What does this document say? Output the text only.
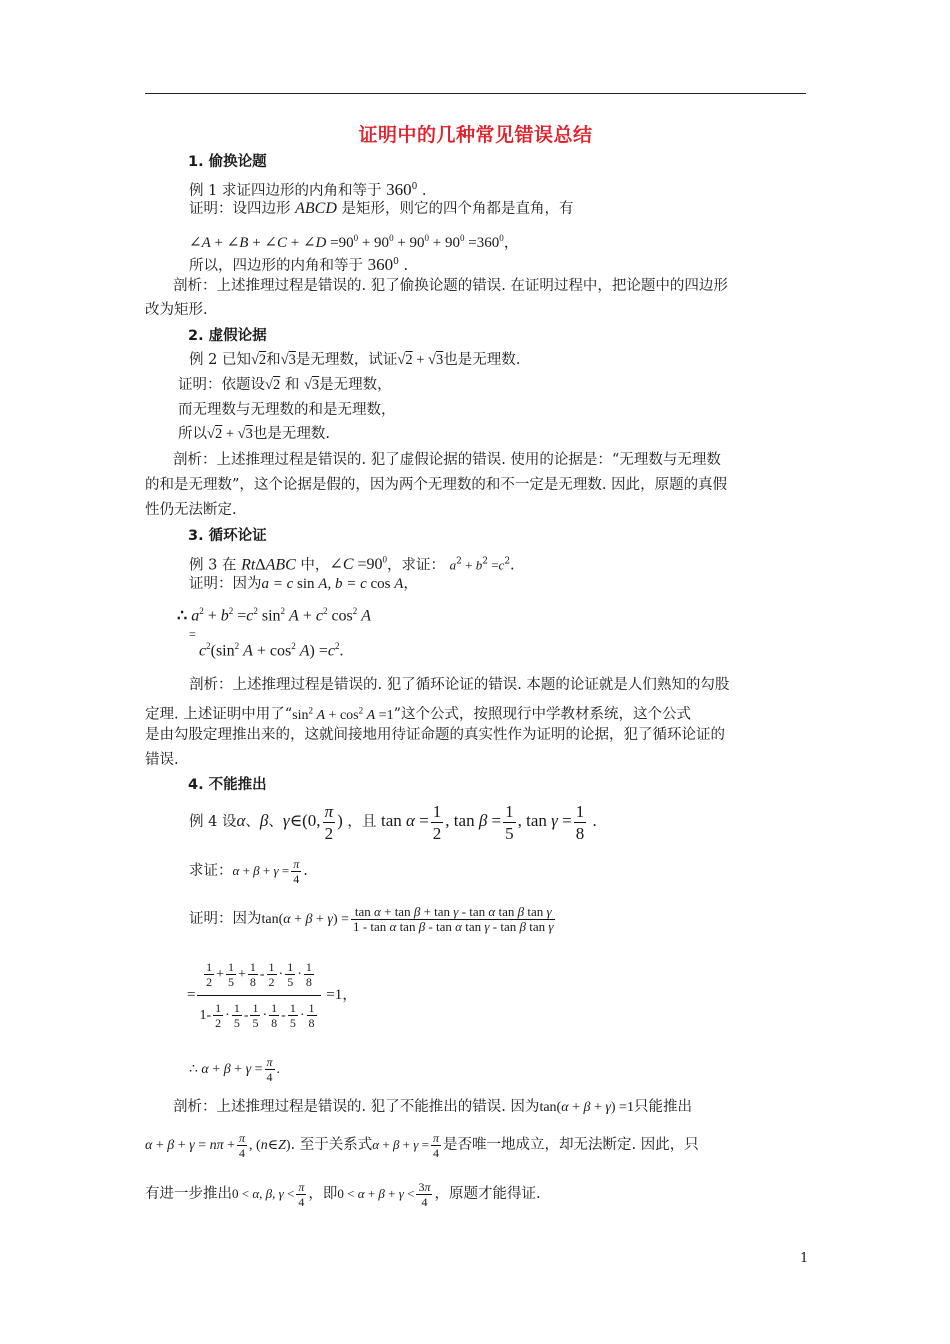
证明中的几种常见错误总结
1. 偷换论题
例 1 求证四边形的内角和等于 $360^0$ .
证明：设四边形 ABCD 是矩形，则它的四个角都是直角，有
∠A + ∠B + ∠C + ∠D $=90^0 + 90^0 + 90^0 + 90^0 =360^0$，
所以，四边形的内角和等于 $360^0$ .
剖析：上述推理过程是错误的. 犯了偷换论题的错误. 在证明过程中，把论题中的四边形
改为矩形.
2. 虚假论据
例 2 已知√2和√3是无理数，试证√2 + √3也是无理数.
证明：依题设√2 和 √3是无理数，
而无理数与无理数的和是无理数，
所以√2 + √3也是无理数.
剖析：上述推理过程是错误的. 犯了虚假论据的错误. 使用的论据是：“无理数与无理数
的和是无理数”，这个论据是假的，因为两个无理数的和不一定是无理数. 因此，原题的真假
性仍无法断定.
3. 循环论证
例 3 在 RtΔABC 中，∠C $=90^0$，求证： $a^2 + b^2 =c^2$.
证明：因为a = c sin A, b = c cos A，
∴ $a^2 + b^2 =c^2$ $\sin^2 A + c^2$ $\cos^2 A$
=
$c^2(\sin^2$ $A + \cos^2 A) =c^2$.
剖析：上述推理过程是错误的. 犯了循环论证的错误. 本题的论证就是人们熟知的勾股
定理. 上述证明中用了“$\sin^2$ $A + \cos^2 A =1$”这个公式，按照现行中学教材系统，这个公式
是由勾股定理推出来的，这就间接地用待证命题的真实性作为证明的论据，犯了循环论证的
错误.
4. 不能推出
例 4 设α、β、γ∈(0, $\frac{\pi}{2}$ ) ，且 $\tan \alpha = \frac{1}{2}$ , $\tan \beta = \frac{1}{5}$ , $\tan \gamma = \frac{1}{8}$ .
求证：$\alpha + \beta + \gamma = \frac{\pi}{4}$ .
证明：因为$\tan(\alpha + \beta + \gamma) = \frac{\text{tan α + tan β + tan γ - tan α tan β tan γ}}{\text{1 - tan α tan β - tan α tan γ - tan β tan γ}}$
= $\frac{\frac{1}{2} + \frac{1}{5} + \frac{1}{8} - \frac{1}{2} \cdot \frac{1}{5} \cdot \frac{1}{8}}{1- \frac{1}{2} \cdot \frac{1}{5} - \frac{1}{5} \cdot \frac{1}{8} - \frac{1}{5} \cdot \frac{1}{8}} =1$，
∴ $\alpha + \beta + \gamma = \frac{\pi}{4}$ .
剖析：上述推理过程是错误的. 犯了不能推出的错误. 因为tan(α + β + γ) =1只能推出
$\alpha + \beta + \gamma = n\pi + \frac{\pi}{4}$ , (n∈Z). 至于关系式$\alpha + \beta + \gamma = \frac{\pi}{4}$ 是否唯一地成立，却无法断定. 因此，只
有进一步推出0 < α, β, $\gamma < \frac{\pi}{4}$ ，即$0 < \alpha + \beta + \gamma < \frac{3\pi}{4}$ ，原题才能得证.
1
